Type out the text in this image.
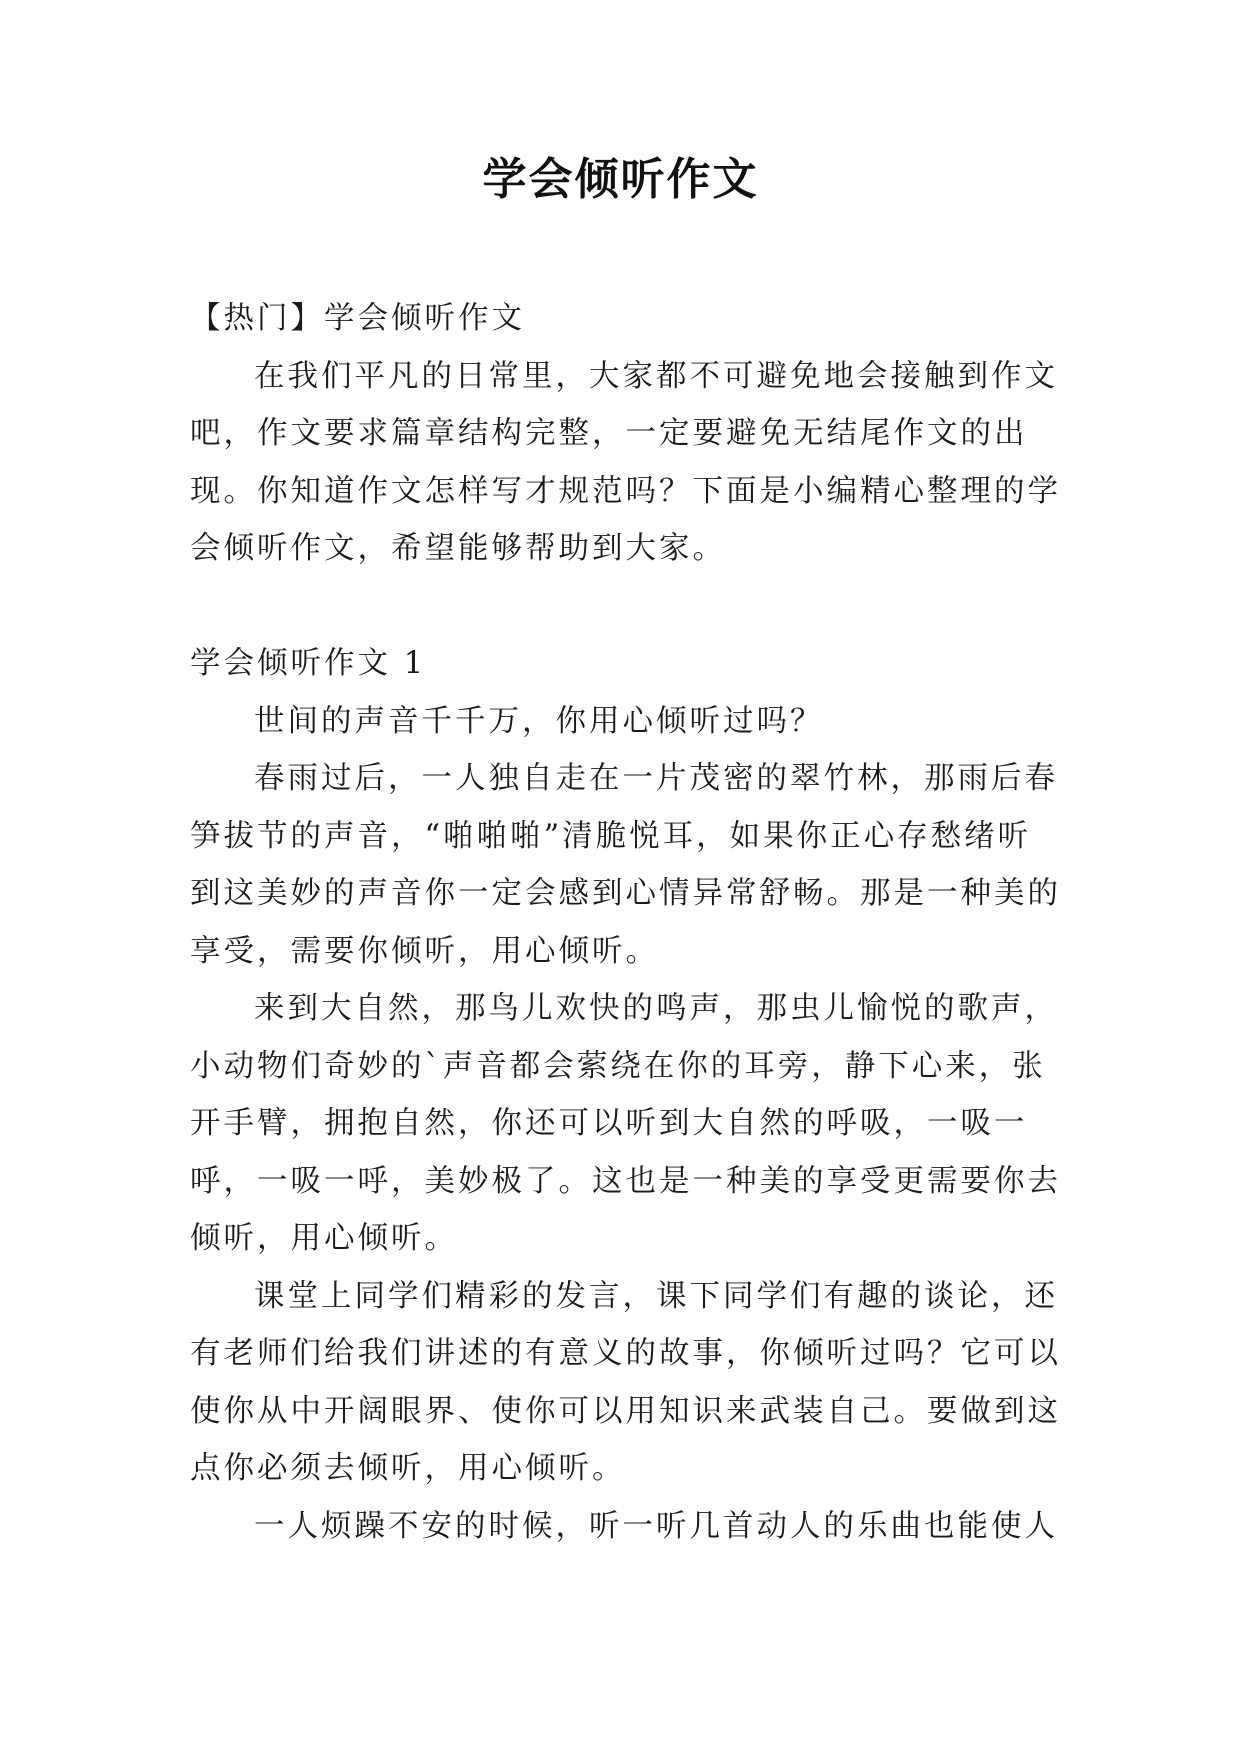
学会倾听作文

【热门】学会倾听作文

在我们平凡的日常里，大家都不可避免地会接触到作文吧，作文要求篇章结构完整，一定要避免无结尾作文的出现。你知道作文怎样写才规范吗？下面是小编精心整理的学会倾听作文，希望能够帮助到大家。

学会倾听作文 1

世间的声音千千万，你用心倾听过吗？

春雨过后，一人独自走在一片茂密的翠竹林，那雨后春笋拔节的声音，“啪啪啪”清脆悦耳，如果你正心存愁绪听到这美妙的声音你一定会感到心情异常舒畅。那是一种美的享受，需要你倾听，用心倾听。

来到大自然，那鸟儿欢快的鸣声，那虫儿愉悦的歌声，小动物们奇妙的`声音都会萦绕在你的耳旁，静下心来，张开手臂，拥抱自然，你还可以听到大自然的呼吸，一吸一呼，一吸一呼，美妙极了。这也是一种美的享受更需要你去倾听，用心倾听。

课堂上同学们精彩的发言，课下同学们有趣的谈论，还有老师们给我们讲述的有意义的故事，你倾听过吗？它可以使你从中开阔眼界、使你可以用知识来武装自己。要做到这点你必须去倾听，用心倾听。

一人烦躁不安的时候，听一听几首动人的乐曲也能使人
